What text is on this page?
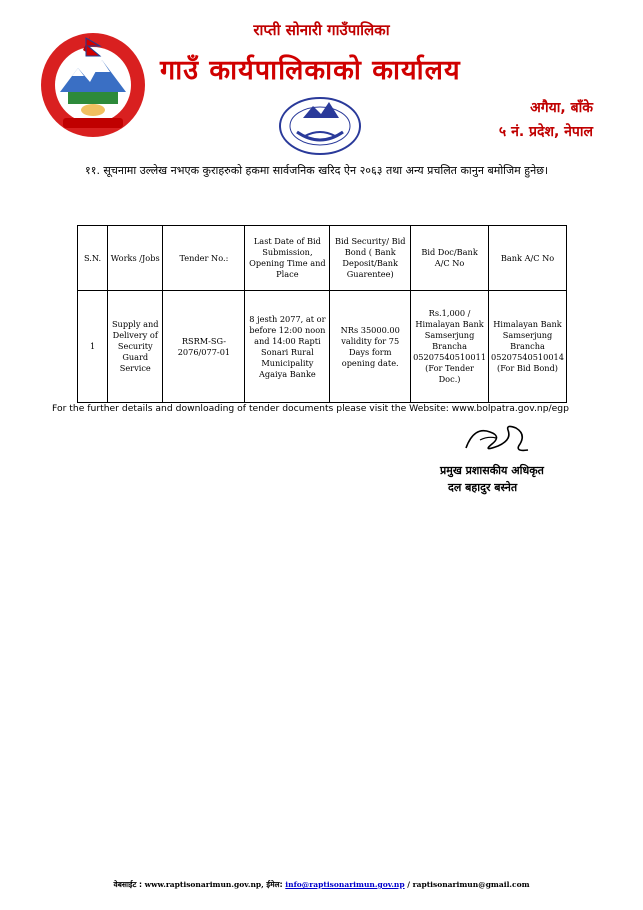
राप्ती सोनारी गाउँपालिका
गाउँ कार्यपालिकाको कार्यालय
अगैया, बाँके
५ नं. प्रदेश, नेपाल
११. सूचनामा उल्लेख नभएक कुराहरुको हकमा सार्वजनिक खरिद ऐन २०६३ तथा अन्य प्रचलित कानुन बमोजिम हुनेछ।
S.N.	Works /Jobs	Tender No.:	Last Date of Bid Submission, Opening Time and Place	Bid Security/ Bid Bond ( Bank Deposit/Bank Guarentee)	Bid Doc/Bank A/C No	Bank A/C No
1	Supply and Delivery of Security Guard Service	RSRM-SG-2076/077-01	8 jesth 2077, at or before 12:00 noon and 14:00 Rapti Sonari Rural Municipality Agaiya Banke	NRs 35000.00 validity for 75 Days form opening date.	Rs.1,000 / Himalayan Bank Samserjung Brancha 05207540510011 (For Tender Doc.)	Himalayan Bank Samserjung Brancha 05207540510014 (For Bid Bond)
For the further details and downloading of tender documents please visit the Website: www.bolpatra.gov.np/egp
प्रमुख प्रशासकीय अधिकृत
दल बहादुर बस्नेत
वेबसाईट : www.raptisonarimun.gov.np, ईमेल: info@raptisonarimun.gov.np / raptisonarimun@gmail.com
